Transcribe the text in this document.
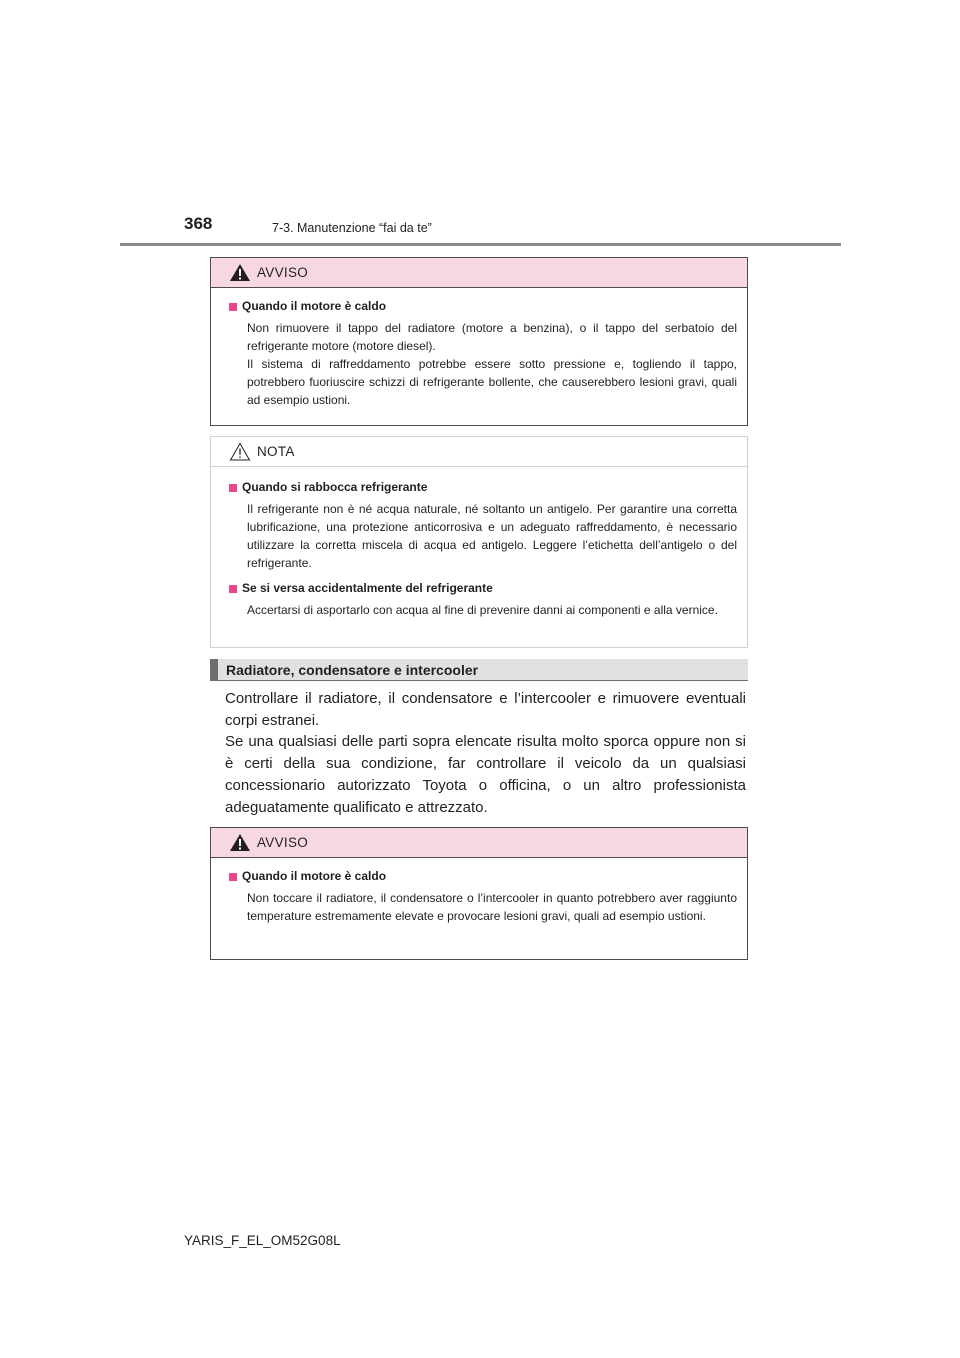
368	7-3. Manutenzione “fai da te”
AVVISO
Quando il motore è caldo
Non rimuovere il tappo del radiatore (motore a benzina), o il tappo del serbatoio del refrigerante motore (motore diesel).
Il sistema di raffreddamento potrebbe essere sotto pressione e, togliendo il tappo, potrebbero fuoriuscire schizzi di refrigerante bollente, che causerebbero lesioni gravi, quali ad esempio ustioni.
NOTA
Quando si rabbocca refrigerante
Il refrigerante non è né acqua naturale, né soltanto un antigelo. Per garantire una corretta lubrificazione, una protezione anticorrosiva e un adeguato raffreddamento, è necessario utilizzare la corretta miscela di acqua ed antigelo. Leggere l’etichetta dell’antigelo o del refrigerante.
Se si versa accidentalmente del refrigerante
Accertarsi di asportarlo con acqua al fine di prevenire danni ai componenti e alla vernice.
Radiatore, condensatore e intercooler

Controllare il radiatore, il condensatore e l’intercooler e rimuovere eventuali corpi estranei.

Se una qualsiasi delle parti sopra elencate risulta molto sporca oppure non si è certi della sua condizione, far controllare il veicolo da un qualsiasi concessionario autorizzato Toyota o officina, o un altro professionista adeguatamente qualificato e attrezzato.

AVVISO
Quando il motore è caldo
Non toccare il radiatore, il condensatore o l’intercooler in quanto potrebbero aver raggiunto temperature estremamente elevate e provocare lesioni gravi, quali ad esempio ustioni.
YARIS_F_EL_OM52G08L
